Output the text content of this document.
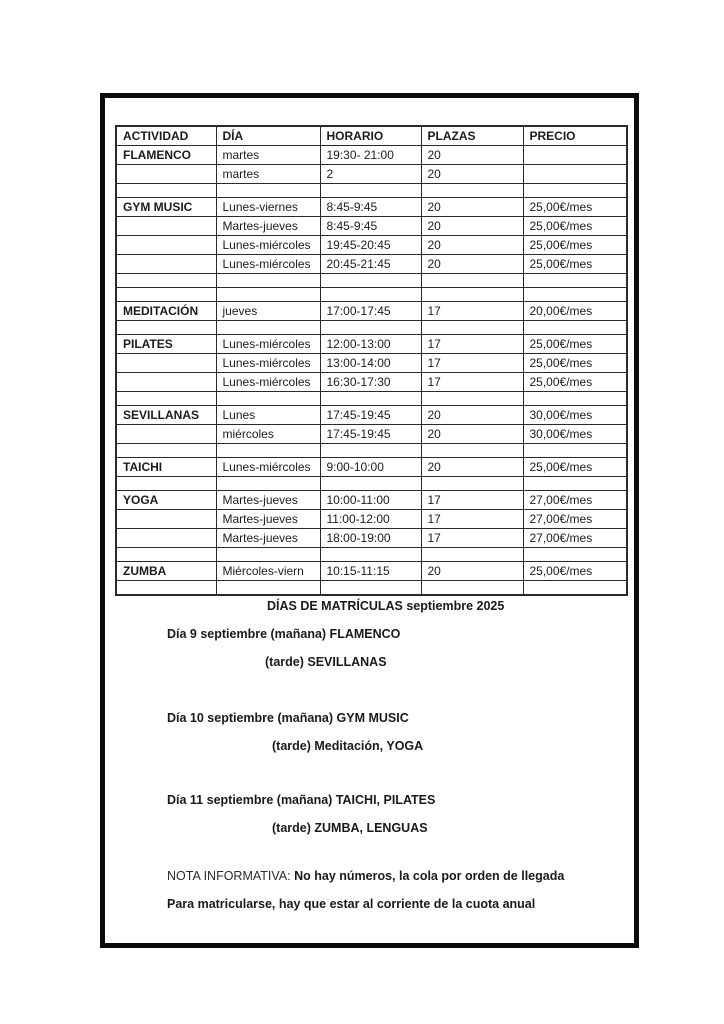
ACTIVIDAD	DÍA	HORARIO	PLAZAS	PRECIO
FLAMENCO	martes	19:30- 21:00	20	
	martes	2	20	

GYM MUSIC	Lunes-viernes	8:45-9:45	20	25,00€/mes
	Martes-jueves	8:45-9:45	20	25,00€/mes
	Lunes-miércoles	19:45-20:45	20	25,00€/mes
	Lunes-miércoles	20:45-21:45	20	25,00€/mes

MEDITACIÓN	jueves	17:00-17:45	17	20,00€/mes

PILATES	Lunes-miércoles	12:00-13:00	17	25,00€/mes
	Lunes-miércoles	13:00-14:00	17	25,00€/mes
	Lunes-miércoles	16:30-17:30	17	25,00€/mes

SEVILLANAS	Lunes	17:45-19:45	20	30,00€/mes
	miércoles	17:45-19:45	20	30,00€/mes

TAICHI	Lunes-miércoles	9:00-10:00	20	25,00€/mes

YOGA	Martes-jueves	10:00-11:00	17	27,00€/mes
	Martes-jueves	11:00-12:00	17	27,00€/mes
	Martes-jueves	18:00-19:00	17	27,00€/mes

ZUMBA	Miércoles-viern	10:15-11:15	20	25,00€/mes

DÍAS DE MATRÍCULAS septiembre 2025
Día 9 septiembre (mañana) FLAMENCO
(tarde) SEVILLANAS
Día 10 septiembre (mañana) GYM MUSIC
(tarde) Meditación, YOGA
Día 11 septiembre (mañana) TAICHI, PILATES
(tarde) ZUMBA, LENGUAS
NOTA INFORMATIVA: No hay números, la cola por orden de llegada
Para matricularse, hay que estar al corriente de la cuota anual
